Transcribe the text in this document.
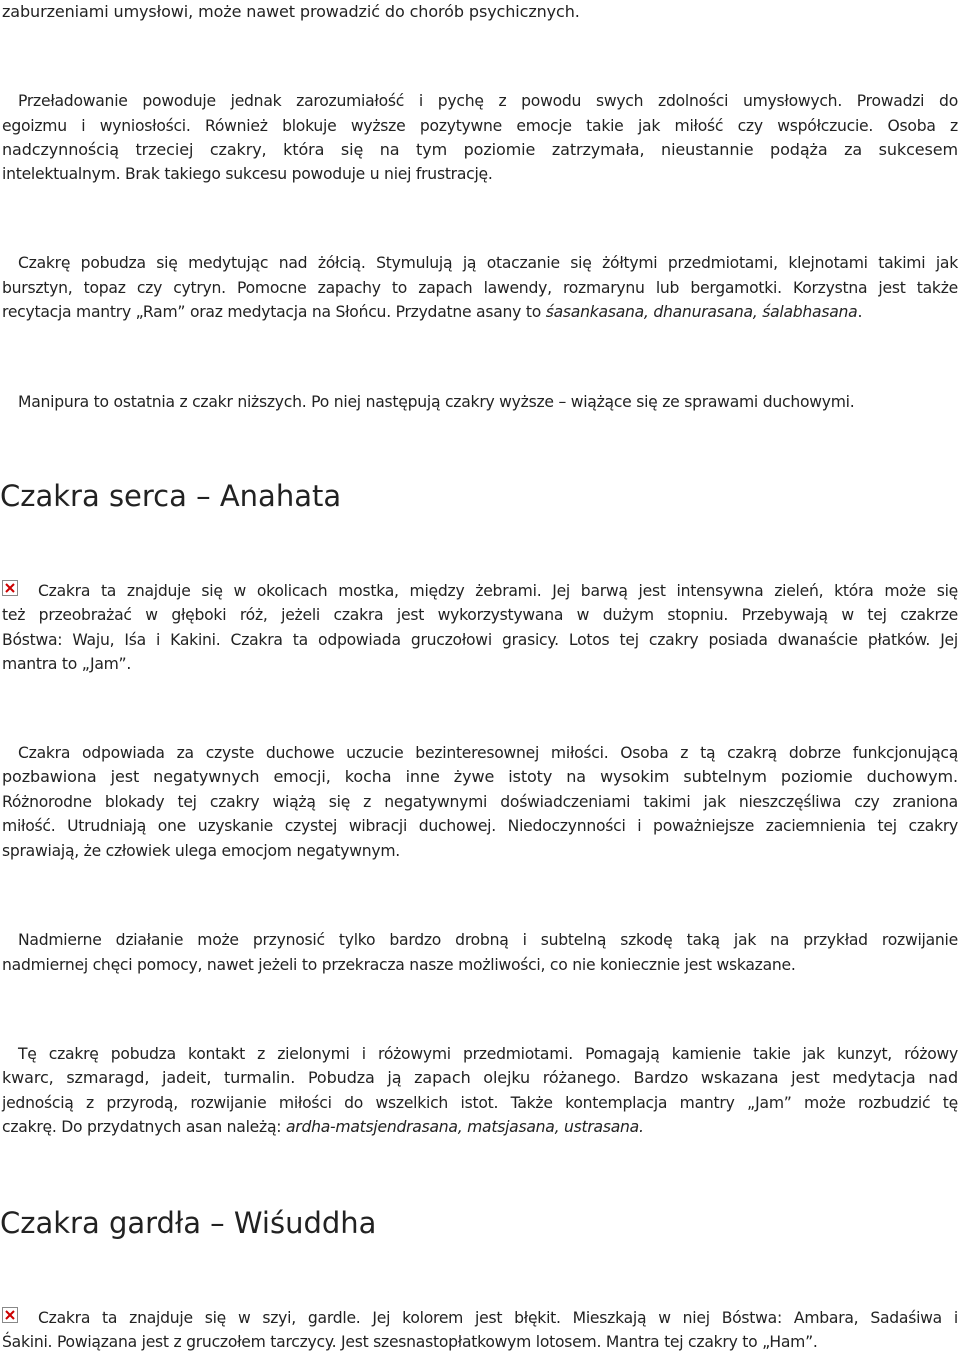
zaburzeniami umysłowi, może nawet prowadzić do chorób psychicznych.
Przeładowanie powoduje jednak zarozumiałość i pychę z powodu swych zdolności umysłowych. Prowadzi do
egoizmu i wyniosłości. Również blokuje wyższe pozytywne emocje takie jak miłość czy współczucie. Osoba z
nadczynnością trzeciej czakry, która się na tym poziomie zatrzymała, nieustannie podąża za sukcesem
intelektualnym. Brak takiego sukcesu powoduje u niej frustrację.
Czakrę pobudza się medytując nad żółcią. Stymulują ją otaczanie się żółtymi przedmiotami, klejnotami takimi jak
bursztyn, topaz czy cytryn. Pomocne zapachy to zapach lawendy, rozmarynu lub bergamotki. Korzystna jest także
recytacja mantry „Ram” oraz medytacja na Słońcu. Przydatne asany to śasankasana, dhanurasana, śalabhasana.
Manipura to ostatnia z czakr niższych. Po niej następują czakry wyższe – wiążące się ze sprawami duchowymi.
Czakra serca – Anahata
Czakra ta znajduje się w okolicach mostka, między żebrami. Jej barwą jest intensywna zieleń, która może się
też przeobrażać w głęboki róż, jeżeli czakra jest wykorzystywana w dużym stopniu. Przebywają w tej czakrze
Bóstwa: Waju, Iśa i Kakini. Czakra ta odpowiada gruczołowi grasicy. Lotos tej czakry posiada dwanaście płatków. Jej
mantra to „Jam”.
Czakra odpowiada za czyste duchowe uczucie bezinteresownej miłości. Osoba z tą czakrą dobrze funkcjonującą
pozbawiona jest negatywnych emocji, kocha inne żywe istoty na wysokim subtelnym poziomie duchowym.
Różnorodne blokady tej czakry wiążą się z negatywnymi doświadczeniami takimi jak nieszczęśliwa czy zraniona
miłość. Utrudniają one uzyskanie czystej wibracji duchowej. Niedoczynności i poważniejsze zaciemnienia tej czakry
sprawiają, że człowiek ulega emocjom negatywnym.
Nadmierne działanie może przynosić tylko bardzo drobną i subtelną szkodę taką jak na przykład rozwijanie
nadmiernej chęci pomocy, nawet jeżeli to przekracza nasze możliwości, co nie koniecznie jest wskazane.
Tę czakrę pobudza kontakt z zielonymi i różowymi przedmiotami. Pomagają kamienie takie jak kunzyt, różowy
kwarc, szmaragd, jadeit, turmalin. Pobudza ją zapach olejku różanego. Bardzo wskazana jest medytacja nad
jednością z przyrodą, rozwijanie miłości do wszelkich istot. Także kontemplacja mantry „Jam” może rozbudzić tę
czakrę. Do przydatnych asan należą: ardha-matsjendrasana, matsjasana, ustrasana.
Czakra gardła – Wiśuddha
Czakra ta znajduje się w szyi, gardle. Jej kolorem jest błękit. Mieszkają w niej Bóstwa: Ambara, Sadaśiwa i
Śakini. Powiązana jest z gruczołem tarczycy. Jest szesnastopłatkowym lotosem. Mantra tej czakry to „Ham”.
